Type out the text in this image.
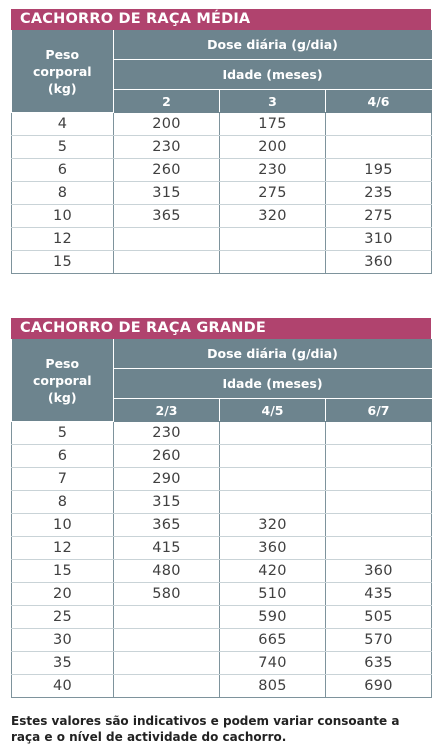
CACHORRO DE RAÇA MÉDIA
Peso
corporal
(kg)	Dose diária (g/dia)		
	Idade (meses)		
	2	3	4/6
4	200	175	
5	230	200	
6	260	230	195
8	315	275	235
10	365	320	275
12			310
15			360
CACHORRO DE RAÇA GRANDE
Peso
corporal
(kg)	Dose diária (g/dia)		
	Idade (meses)		
	2/3	4/5	6/7
5	230		
6	260		
7	290		
8	315		
10	365	320	
12	415	360	
15	480	420	360
20	580	510	435
25		590	505
30		665	570
35		740	635
40		805	690
Estes valores são indicativos e podem variar consoante a
raça e o nível de actividade do cachorro.
